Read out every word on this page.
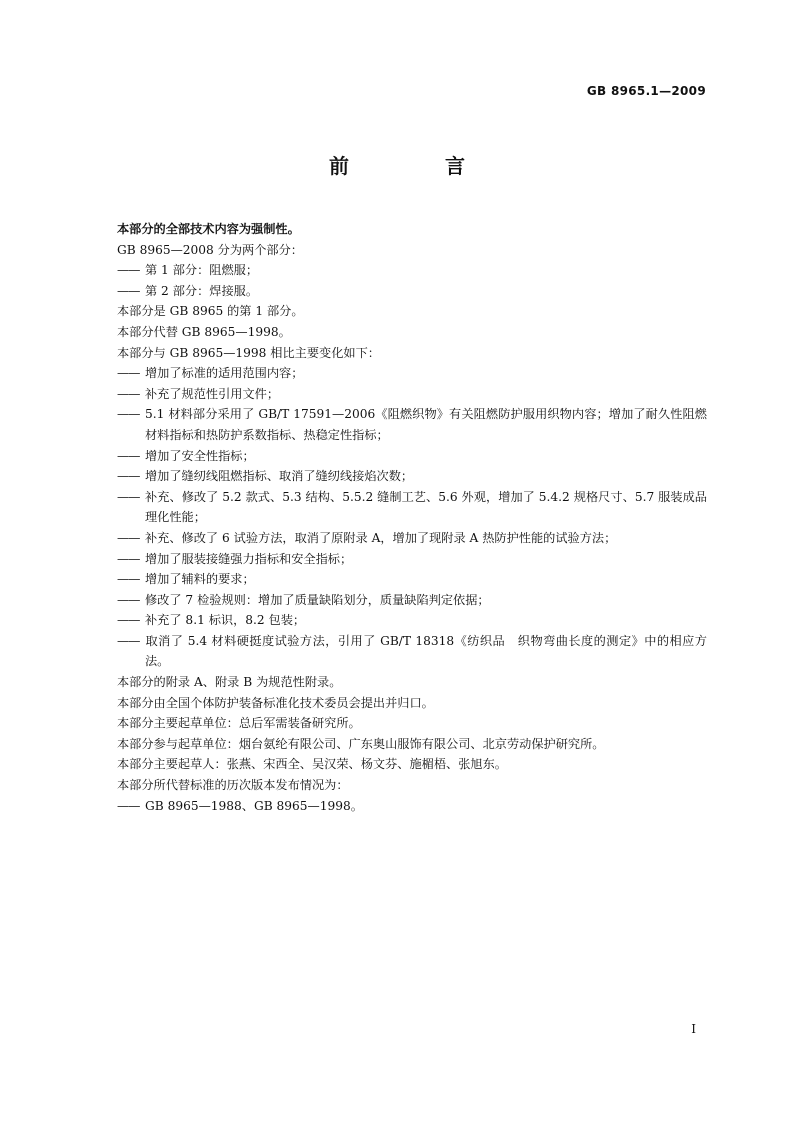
GB 8965.1—2009
前　言

本部分的全部技术内容为强制性。

GB 8965—2008 分为两个部分：

—— 第 1 部分：阻燃服；

—— 第 2 部分：焊接服。

本部分是 GB 8965 的第 1 部分。

本部分代替 GB 8965—1998。

本部分与 GB 8965—1998 相比主要变化如下：

—— 增加了标准的适用范围内容；

—— 补充了规范性引用文件；

—— 5.1 材料部分采用了 GB/T 17591—2006《阻燃织物》有关阻燃防护服用织物内容；增加了耐久性阻燃材料指标和热防护系数指标、热稳定性指标；

—— 增加了安全性指标；

—— 增加了缝纫线阻燃指标、取消了缝纫线接焰次数；

—— 补充、修改了 5.2 款式、5.3 结构、5.5.2 缝制工艺、5.6 外观，增加了 5.4.2 规格尺寸、5.7 服装成品理化性能；

—— 补充、修改了 6 试验方法，取消了原附录 A，增加了现附录 A 热防护性能的试验方法；

—— 增加了服装接缝强力指标和安全指标；

—— 增加了辅料的要求；

—— 修改了 7 检验规则：增加了质量缺陷划分，质量缺陷判定依据；

—— 补充了 8.1 标识，8.2 包装；

—— 取消了 5.4 材料硬挺度试验方法，引用了 GB/T 18318《纺织品　织物弯曲长度的测定》中的相应方法。

本部分的附录 A、附录 B 为规范性附录。

本部分由全国个体防护装备标准化技术委员会提出并归口。

本部分主要起草单位：总后军需装备研究所。

本部分参与起草单位：烟台氨纶有限公司、广东奥山服饰有限公司、北京劳动保护研究所。

本部分主要起草人：张燕、宋西全、吴汉荣、杨文芬、施楣梧、张旭东。

本部分所代替标准的历次版本发布情况为：

—— GB 8965—1988、GB 8965—1998。

I
